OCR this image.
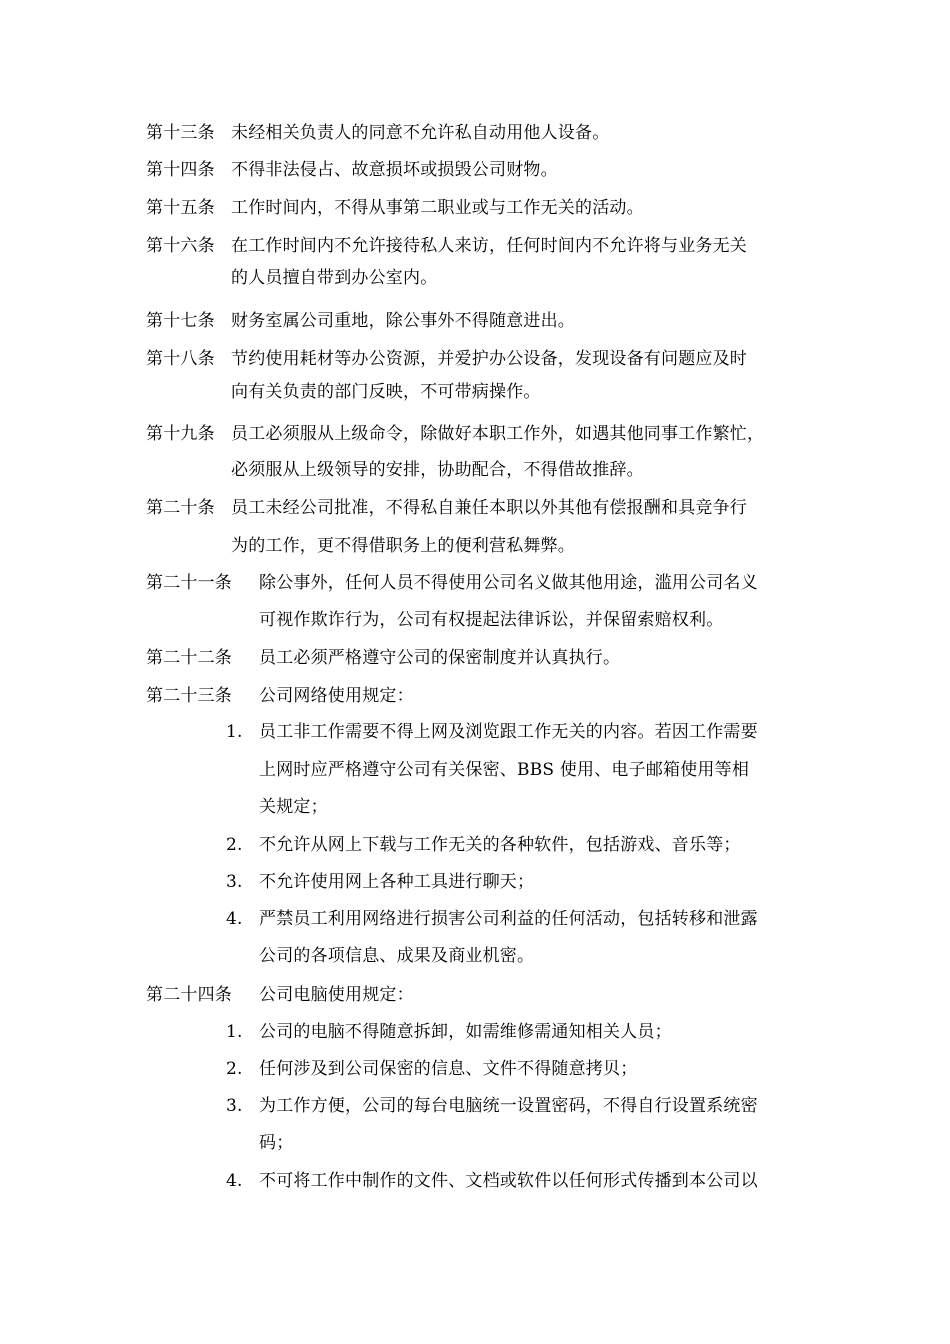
第十三条 未经相关负责人的同意不允许私自动用他人设备。
第十四条 不得非法侵占、故意损坏或损毁公司财物。
第十五条 工作时间内，不得从事第二职业或与工作无关的活动。
第十六条 在工作时间内不允许接待私人来访，任何时间内不允许将与业务无关
的人员擅自带到办公室内。
第十七条 财务室属公司重地，除公事外不得随意进出。
第十八条 节约使用耗材等办公资源，并爱护办公设备，发现设备有问题应及时
向有关负责的部门反映，不可带病操作。
第十九条 员工必须服从上级命令，除做好本职工作外，如遇其他同事工作繁忙，
必须服从上级领导的安排，协助配合，不得借故推辞。
第二十条 员工未经公司批准，不得私自兼任本职以外其他有偿报酬和具竞争行
为的工作，更不得借职务上的便利营私舞弊。
第二十一条 除公事外，任何人员不得使用公司名义做其他用途，滥用公司名义
可视作欺诈行为，公司有权提起法律诉讼，并保留索赔权利。
第二十二条 员工必须严格遵守公司的保密制度并认真执行。
第二十三条 公司网络使用规定：
1. 员工非工作需要不得上网及浏览跟工作无关的内容。若因工作需要
上网时应严格遵守公司有关保密、BBS 使用、电子邮箱使用等相
关规定；
2. 不允许从网上下载与工作无关的各种软件，包括游戏、音乐等；
3. 不允许使用网上各种工具进行聊天；
4. 严禁员工利用网络进行损害公司利益的任何活动，包括转移和泄露
公司的各项信息、成果及商业机密。
第二十四条 公司电脑使用规定：
1. 公司的电脑不得随意拆卸，如需维修需通知相关人员；
2. 任何涉及到公司保密的信息、文件不得随意拷贝；
3. 为工作方便，公司的每台电脑统一设置密码，不得自行设置系统密
码；
4. 不可将工作中制作的文件、文档或软件以任何形式传播到本公司以
